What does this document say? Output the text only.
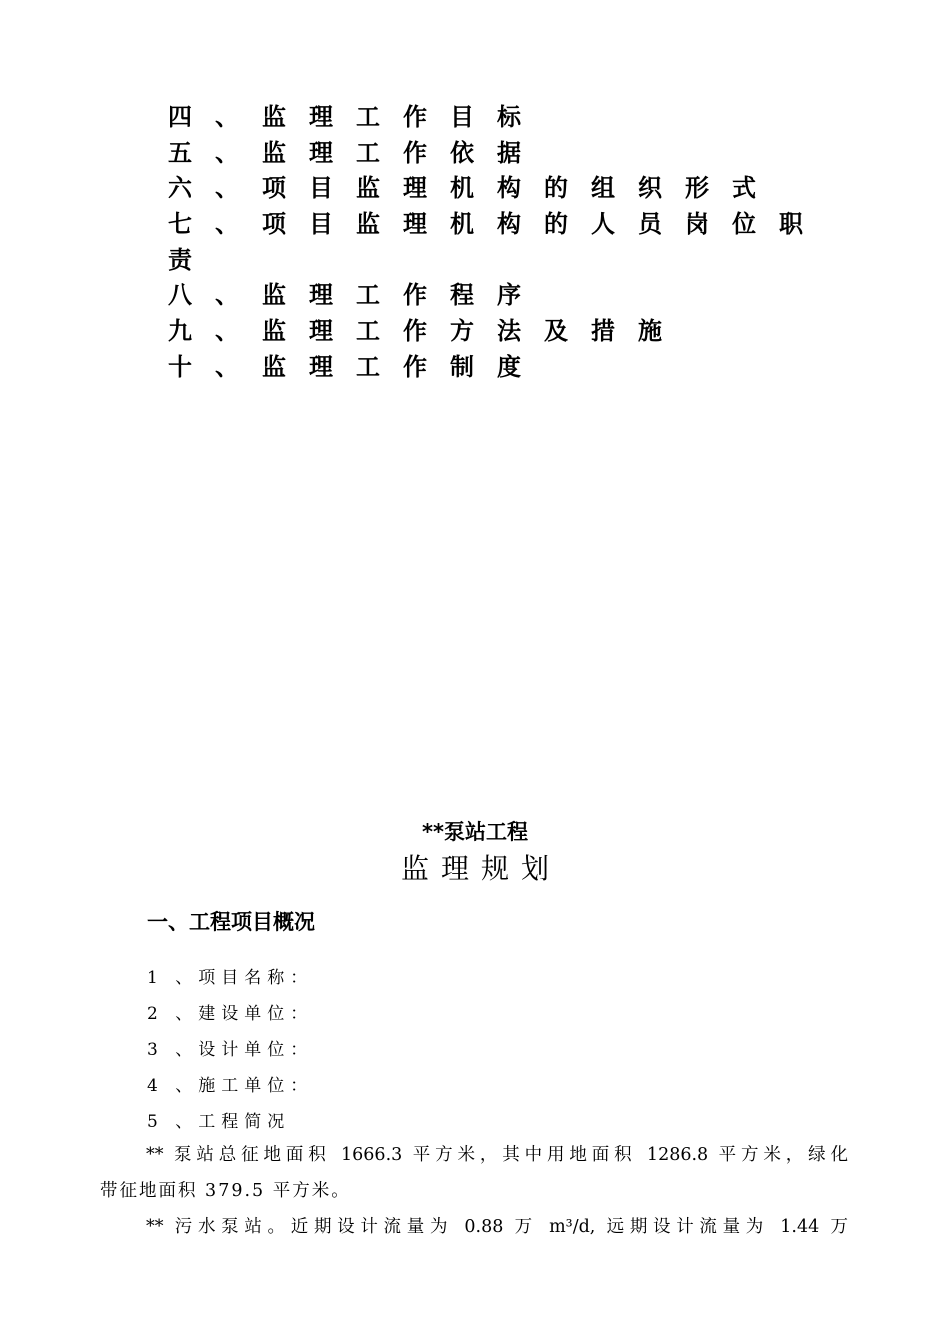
四、监理工作目标
五、监理工作依据
六、项目监理机构的组织形式
七、项目监理机构的人员岗位职
责
八、监理工作程序
九、监理工作方法及措施
十、监理工作制度
**泵站工程
监理规划
一、工程项目概况
1 、项目名称：
2 、建设单位：
3 、设计单位：
4 、施工单位：
5 、工程简况
** 泵站总征地面积 1666.3 平方米，其中用地面积 1286.8 平方米，绿化
带征地面积 379.5 平方米。
** 污水泵站。近期设计流量为 0.88 万 m³/d, 远期设计流量为 1.44 万
